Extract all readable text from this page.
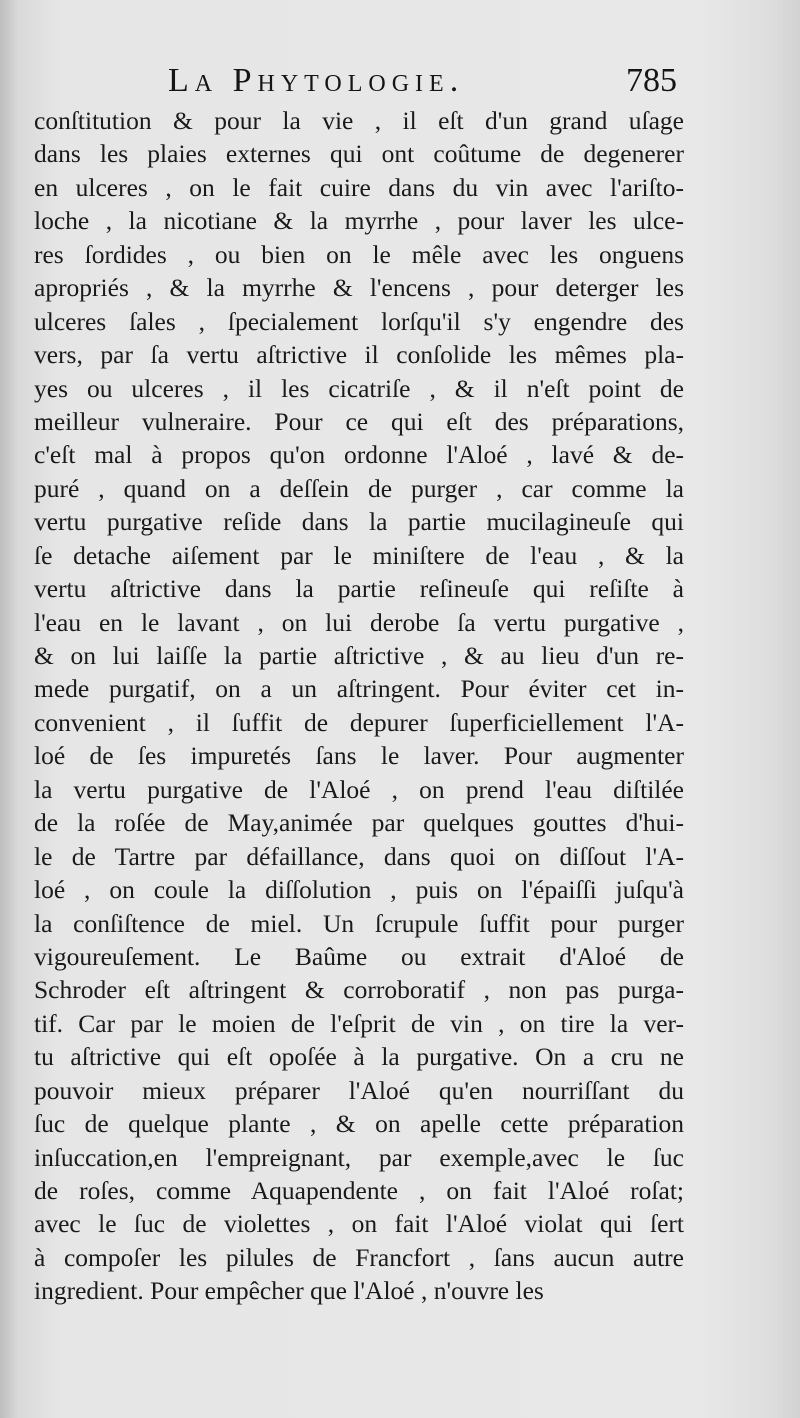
La Phytologie.	785
conſtitution & pour la vie , il eſt d'un grand uſage
dans les plaies externes qui ont coûtume de degenerer
en ulceres , on le fait cuire dans du vin avec l'ariſto-
loche , la nicotiane & la myrrhe , pour laver les ulce-
res ſordides , ou bien on le mêle avec les onguens
aproprіés , & la myrrhe & l'encens , pour deterger les
ulceres ſales , ſpecialement lorſqu'il s'y engendre des
vers, par ſa vertu aſtrictive il conſolide les mêmes pla-
yes ou ulceres , il les cicatriſe , & il n'eſt point de
meilleur vulneraire. Pour ce qui eſt des préparations,
c'eſt mal à propos qu'on ordonne l'Aloé , lavé & de-
puré , quand on a deſſein de purger , car comme la
vertu purgative reſide dans la partie mucilagineuſe qui
ſe detache aiſement par le miniſtere de l'eau , & la
vertu aſtrictive dans la partie reſineuſe qui reſiſte à
l'eau en le lavant , on lui derobe ſa vertu purgative ,
& on lui laiſſe la partie aſtrictive , & au lieu d'un re-
mede purgatif, on a un aſtringent. Pour éviter cet in-
convenient , il ſuffit de depurer ſuperficiellement l'A-
loé de ſes impuretés ſans le laver. Pour augmenter
la vertu purgative de l'Aloé , on prend l'eau diſtilée
de la roſée de May,animée par quelques gouttes d'hui-
le de Tartre par défaillance, dans quoi on diſſout l'A-
loé , on coule la diſſolution , puis on l'épaiſſi juſqu'à
la conſiſtence de miel. Un ſcrupule ſuffit pour purger
vigoureuſement. Le Baûme ou extrait d'Aloé de
Schroder eſt aſtringent & corroboratif , non pas purga-
tif. Car par le moien de l'eſprit de vin , on tire la ver-
tu aſtrictive qui eſt opoſée à la purgative. On a cru ne
pouvoir mieux préparer l'Aloé qu'en nourriſſant du
ſuc de quelque plante , & on apelle cette préparation
inſuccation,en l'empreignant, par exemple,avec le ſuc
de roſes, comme Aquapendente , on fait l'Aloé roſat;
avec le ſuc de violettes , on fait l'Aloé violat qui ſert
à compoſer les pilules de Francfort , ſans aucun autre
ingredient. Pour empêcher que l'Aloé , n'ouvre les
